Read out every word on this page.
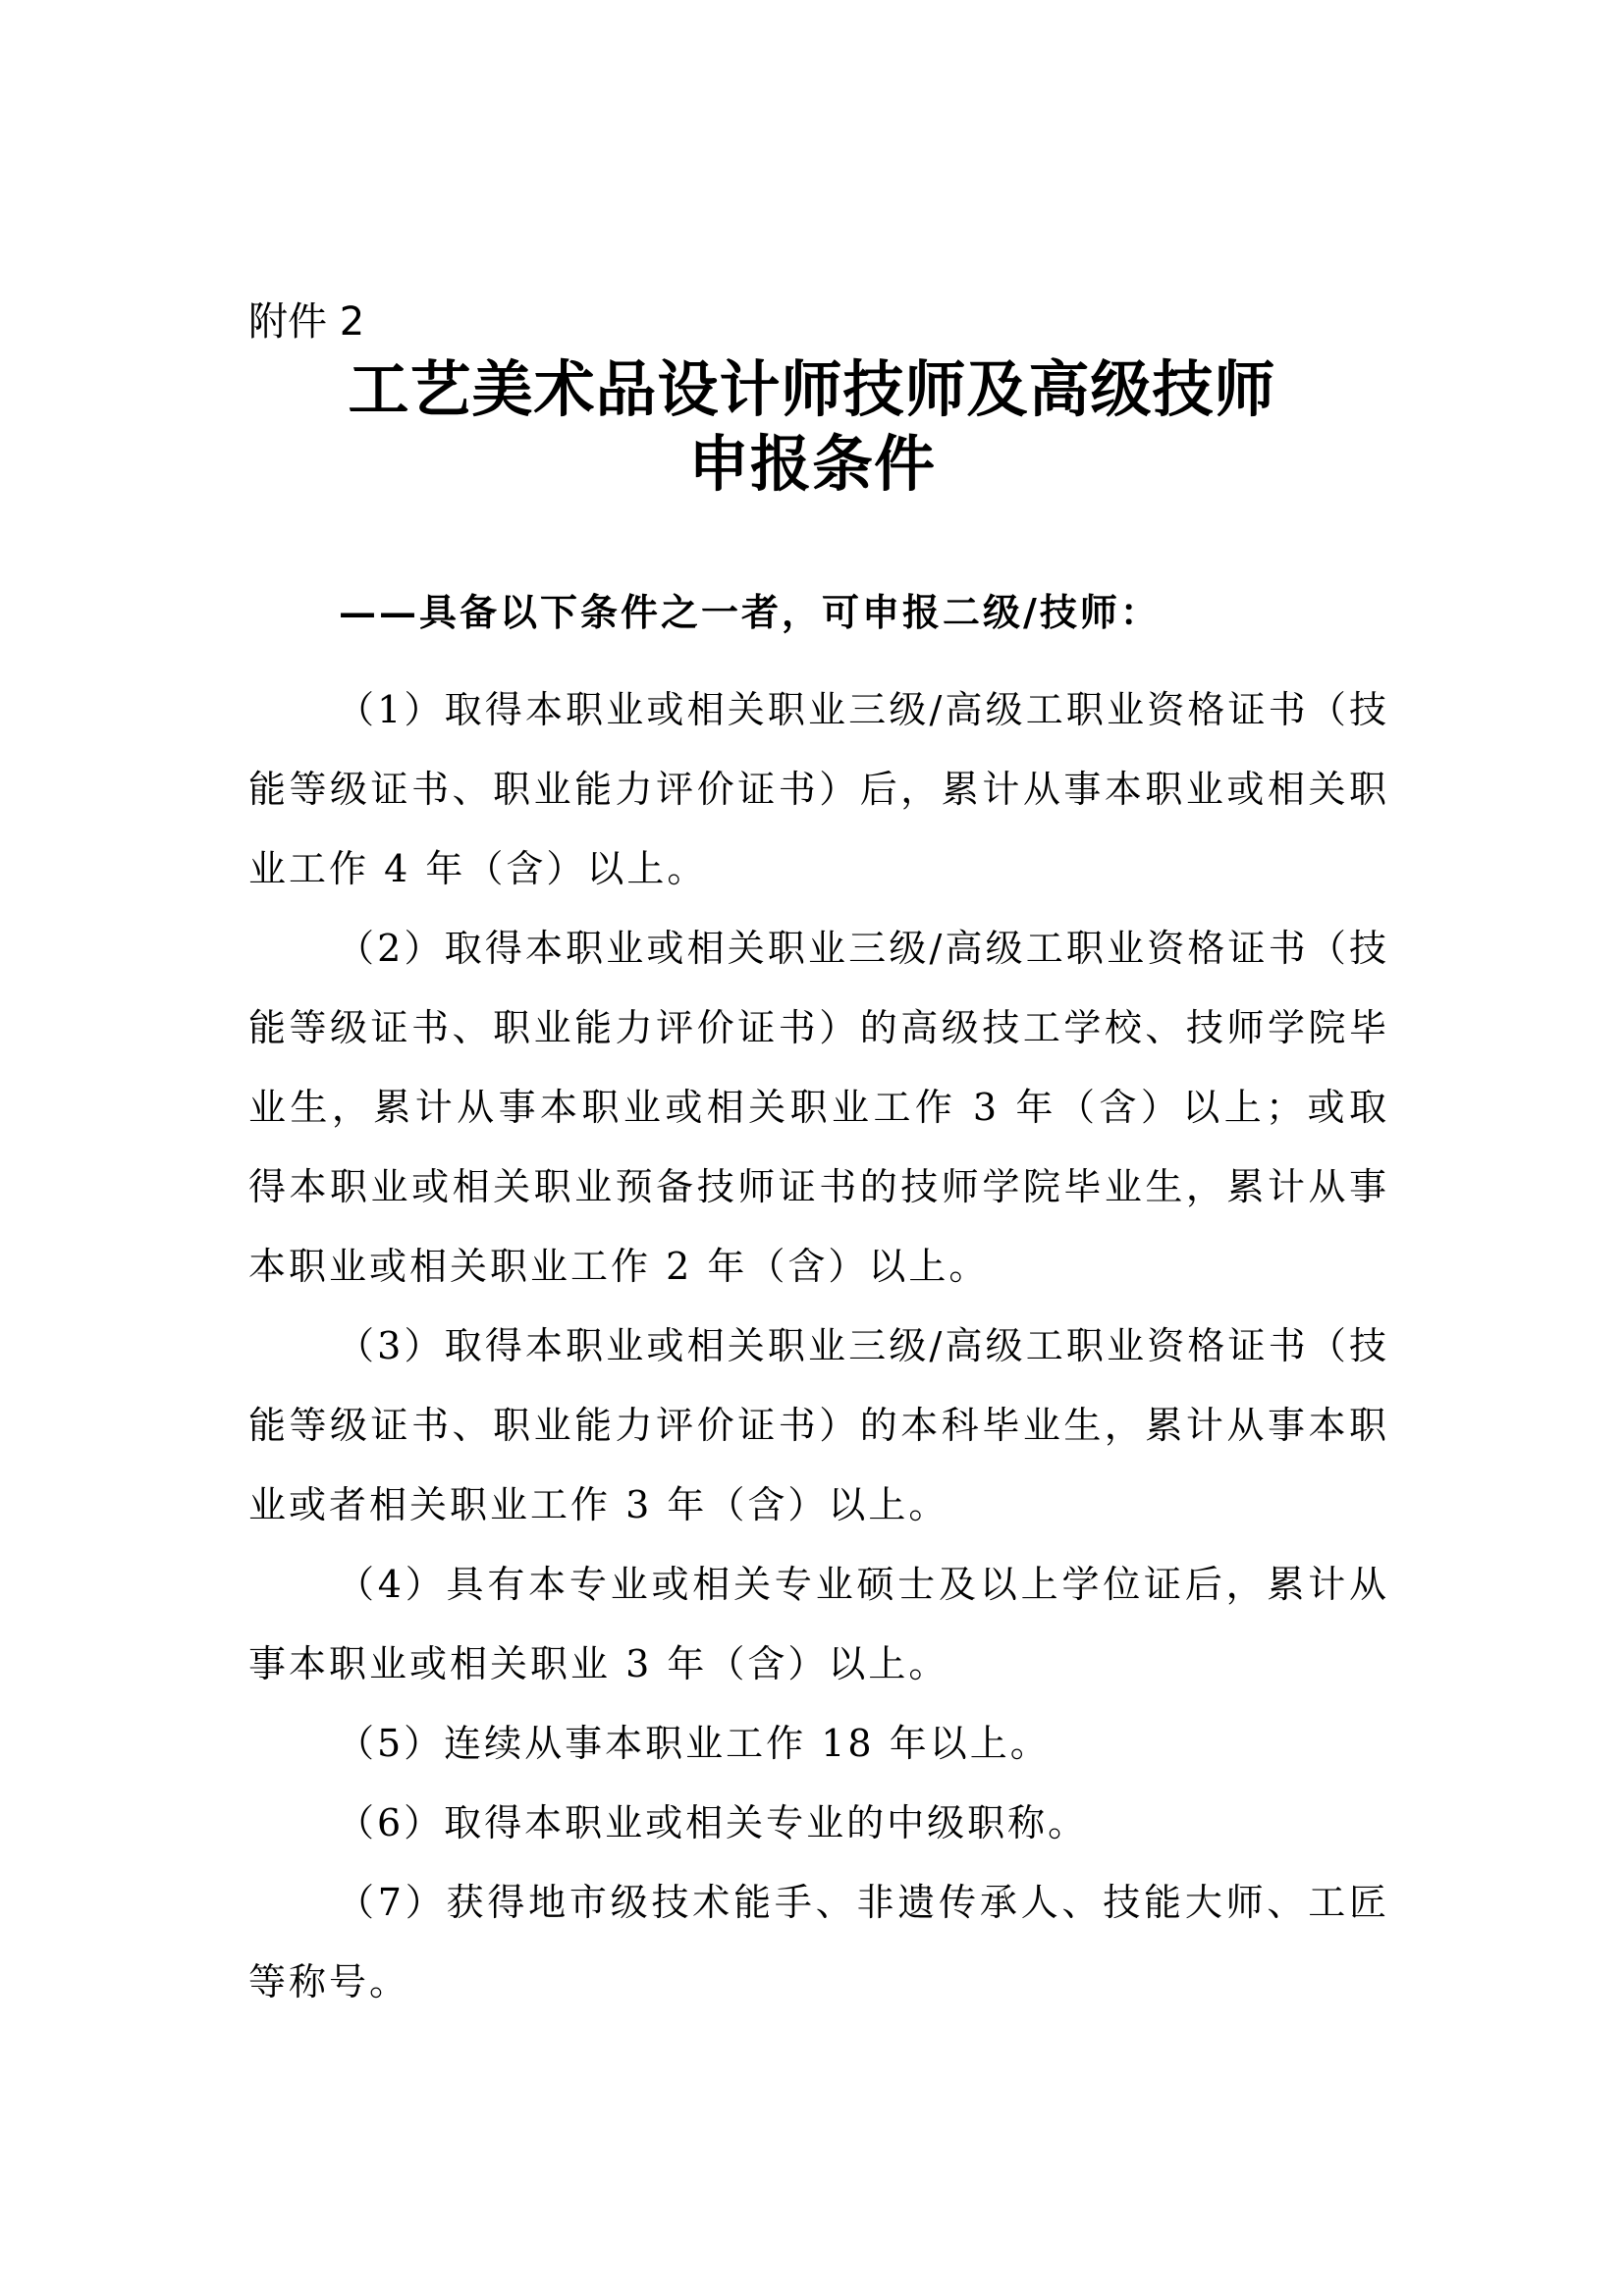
附件 2

工艺美术品设计师技师及高级技师
申报条件

——具备以下条件之一者，可申报二级/技师：

（1）取得本职业或相关职业三级/高级工职业资格证书（技能等级证书、职业能力评价证书）后，累计从事本职业或相关职业工作 4 年（含）以上。

（2）取得本职业或相关职业三级/高级工职业资格证书（技能等级证书、职业能力评价证书）的高级技工学校、技师学院毕业生，累计从事本职业或相关职业工作 3 年（含）以上；或取得本职业或相关职业预备技师证书的技师学院毕业生，累计从事本职业或相关职业工作 2 年（含）以上。

（3）取得本职业或相关职业三级/高级工职业资格证书（技能等级证书、职业能力评价证书）的本科毕业生，累计从事本职业或者相关职业工作 3 年（含）以上。

（4）具有本专业或相关专业硕士及以上学位证后，累计从事本职业或相关职业 3 年（含）以上。

（5）连续从事本职业工作 18 年以上。

（6）取得本职业或相关专业的中级职称。

（7）获得地市级技术能手、非遗传承人、技能大师、工匠等称号。
